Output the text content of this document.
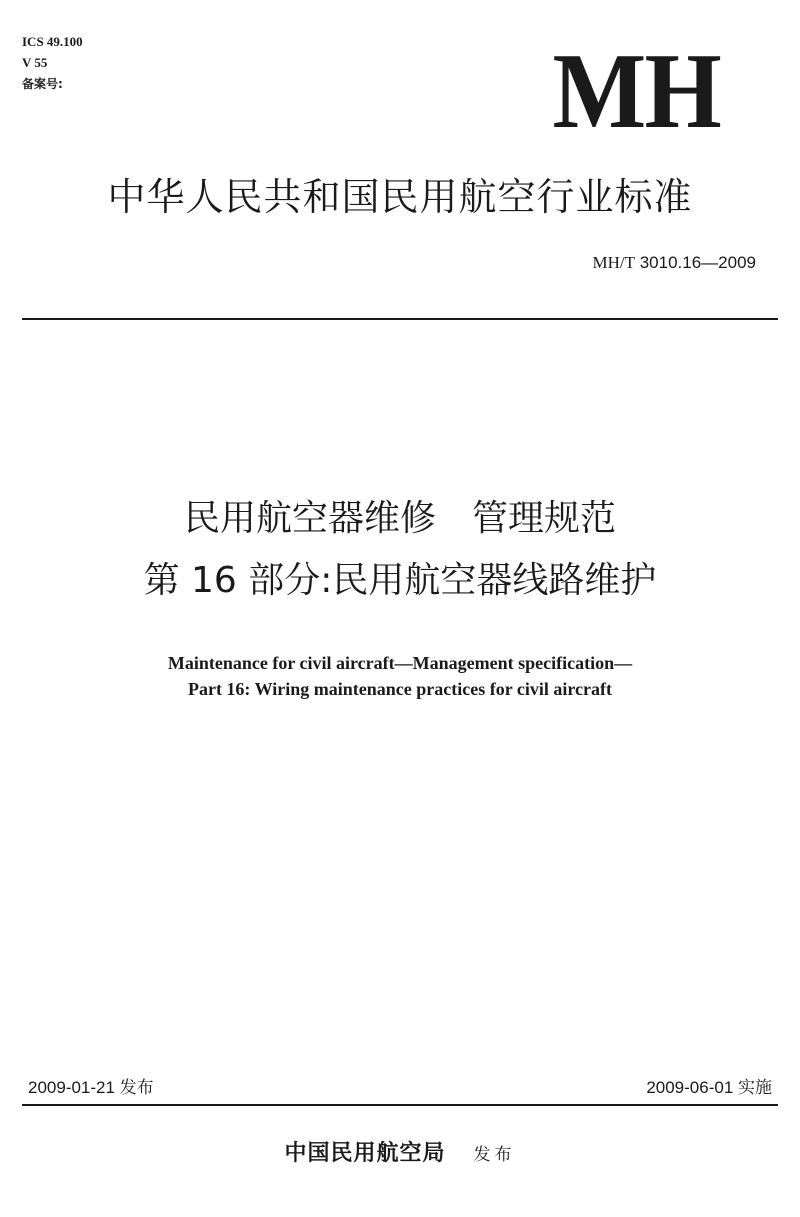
ICS 49.100
V 55
备案号:	MH
中华人民共和国民用航空行业标准
MH/T 3010.16—2009
民用航空器维修　管理规范
第 16 部分:民用航空器线路维护
Maintenance for civil aircraft—Management specification—
Part 16: Wiring maintenance practices for civil aircraft
2009-01-21 发布	2009-06-01 实施
中国民用航空局 发布
